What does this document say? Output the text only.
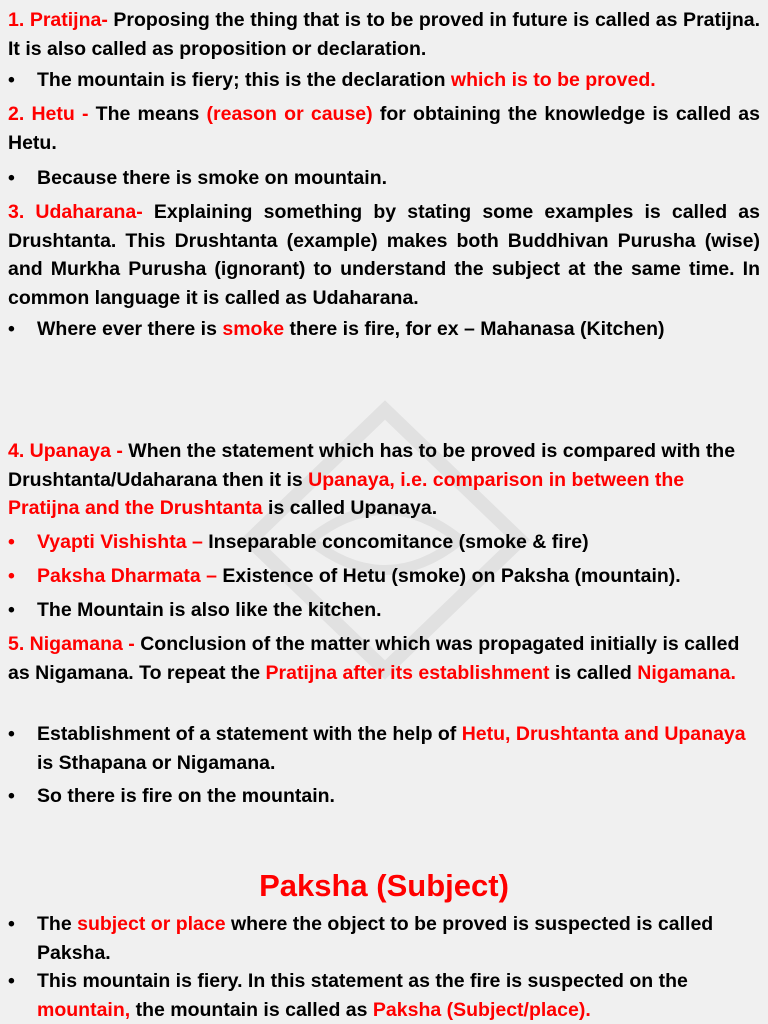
1. Pratijna- Proposing the thing that is to be proved in future is called as Pratijna. It is also called as proposition or declaration.

• The mountain is fiery; this is the declaration which is to be proved.

2. Hetu - The means (reason or cause) for obtaining the knowledge is called as Hetu.

• Because there is smoke on mountain.

3. Udaharana- Explaining something by stating some examples is called as Drushtanta. This Drushtanta (example) makes both Buddhivan Purusha (wise) and Murkha Purusha (ignorant) to understand the subject at the same time. In common language it is called as Udaharana.

• Where ever there is smoke there is fire, for ex – Mahanasa (Kitchen)

4. Upanaya - When the statement which has to be proved is compared with the Drushtanta/Udaharana then it is Upanaya, i.e. comparison in between the Pratijna and the Drushtanta is called Upanaya.

• Vyapti Vishishta – Inseparable concomitance (smoke & fire)

• Paksha Dharmata – Existence of Hetu (smoke) on Paksha (mountain).

• The Mountain is also like the kitchen.

5. Nigamana - Conclusion of the matter which was propagated initially is called as Nigamana. To repeat the Pratijna after its establishment is called Nigamana.

• Establishment of a statement with the help of Hetu, Drushtanta and Upanaya is Sthapana or Nigamana.

• So there is fire on the mountain.

Paksha (Subject)

• The subject or place where the object to be proved is suspected is called Paksha.

• This mountain is fiery. In this statement as the fire is suspected on the mountain, the mountain is called as Paksha (Subject/place).
